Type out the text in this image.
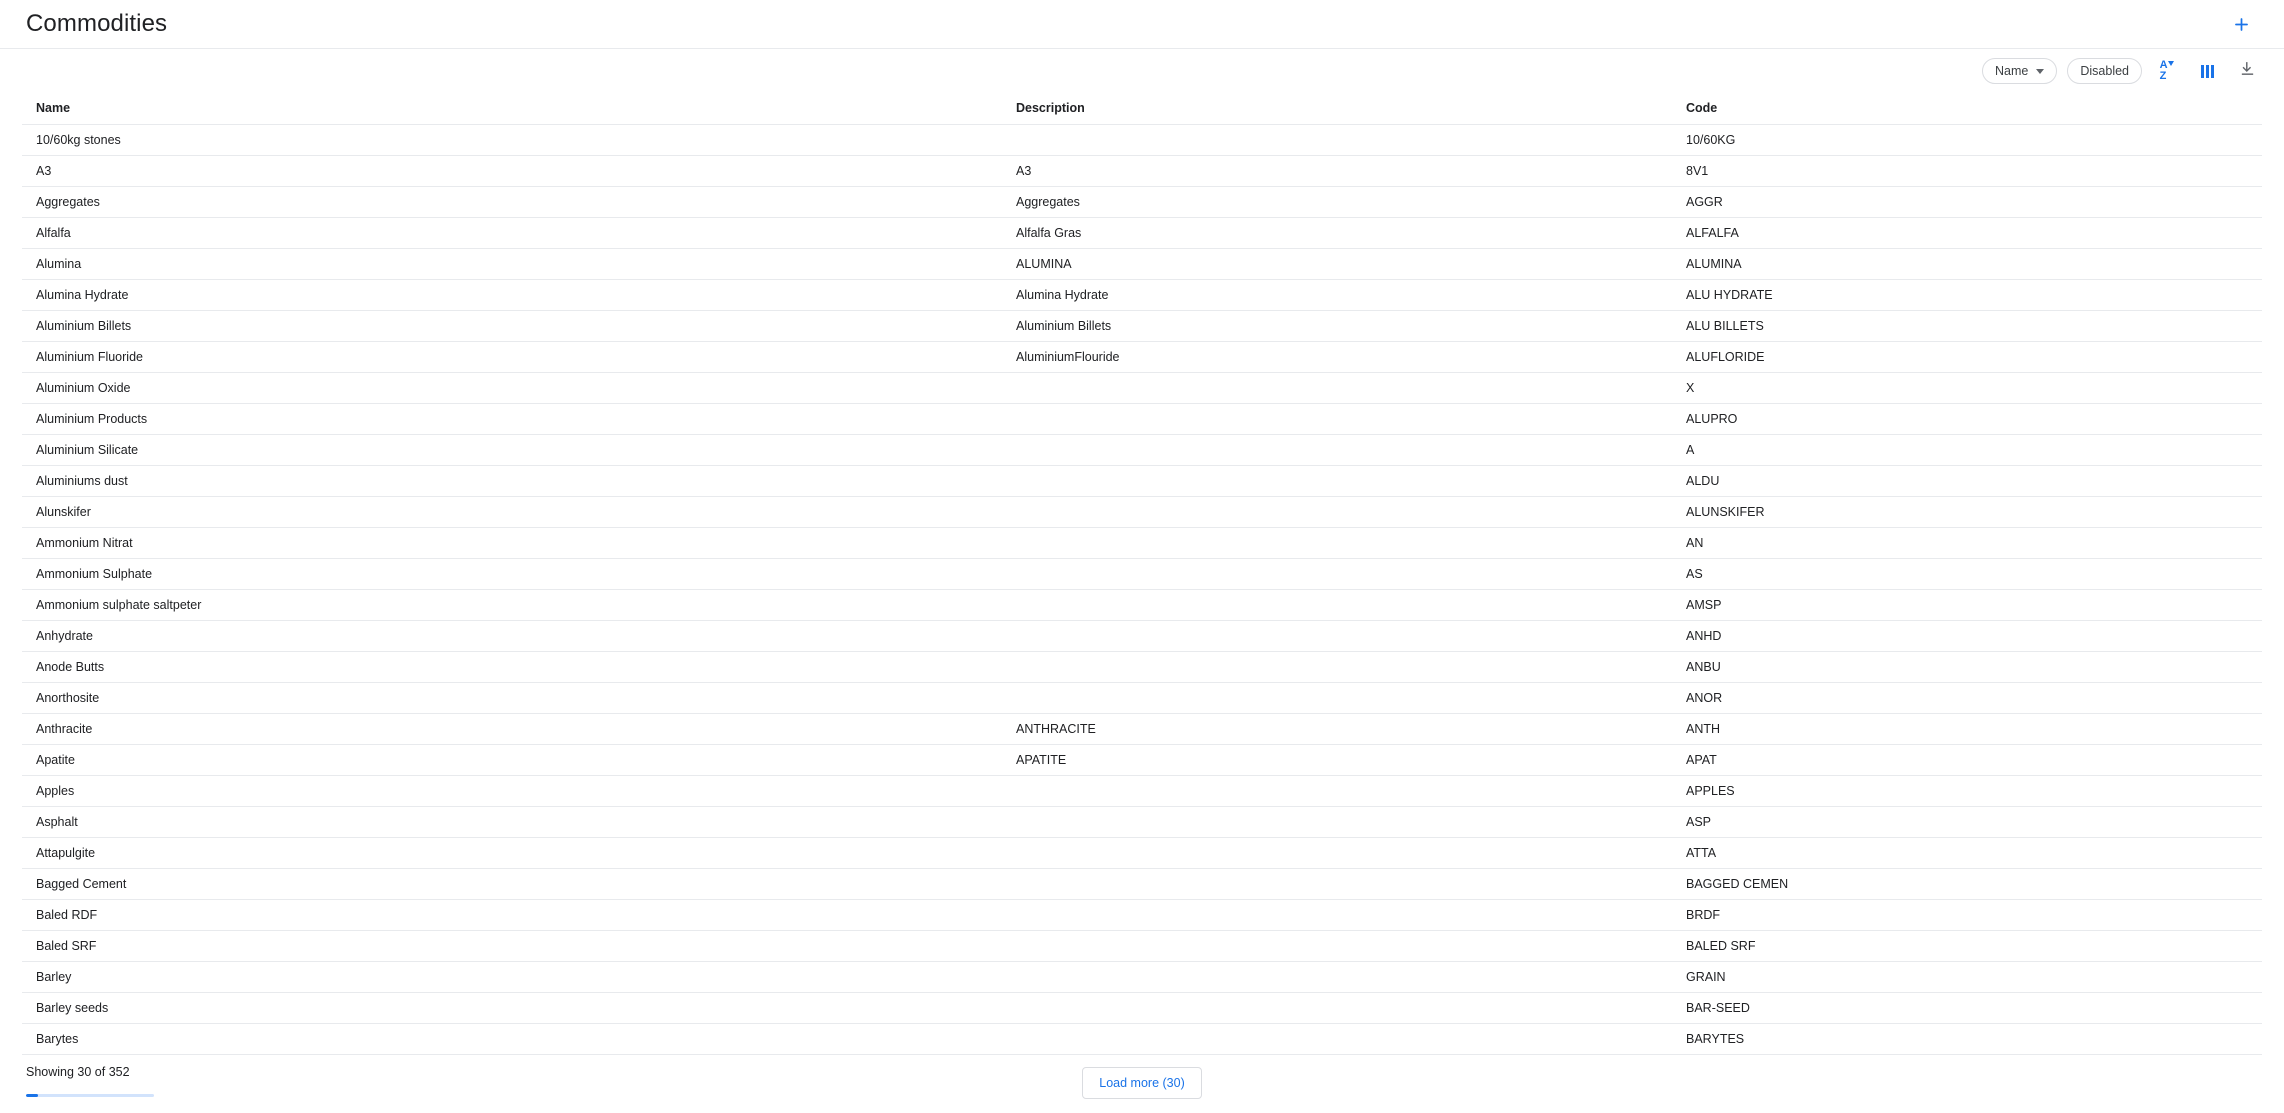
Commodities
Name	Disabled	A
Z
Name	Description	Code
10/60kg stones		10/60KG
A3	A3	8V1
Aggregates	Aggregates	AGGR
Alfalfa	Alfalfa Gras	ALFALFA
Alumina	ALUMINA	ALUMINA
Alumina Hydrate	Alumina Hydrate	ALU HYDRATE
Aluminium Billets	Aluminium Billets	ALU BILLETS
Aluminium Fluoride	AluminiumFlouride	ALUFLORIDE
Aluminium Oxide		X
Aluminium Products		ALUPRO
Aluminium Silicate		A
Aluminiums dust		ALDU
Alunskifer		ALUNSKIFER
Ammonium Nitrat		AN
Ammonium Sulphate		AS
Ammonium sulphate saltpeter		AMSP
Anhydrate		ANHD
Anode Butts		ANBU
Anorthosite		ANOR
Anthracite	ANTHRACITE	ANTH
Apatite	APATITE	APAT
Apples		APPLES
Asphalt		ASP
Attapulgite		ATTA
Bagged Cement		BAGGED CEMEN
Baled RDF		BRDF
Baled SRF		BALED SRF
Barley		GRAIN
Barley seeds		BAR-SEED
Barytes		BARYTES
Showing 30 of 352
Load more (30)
